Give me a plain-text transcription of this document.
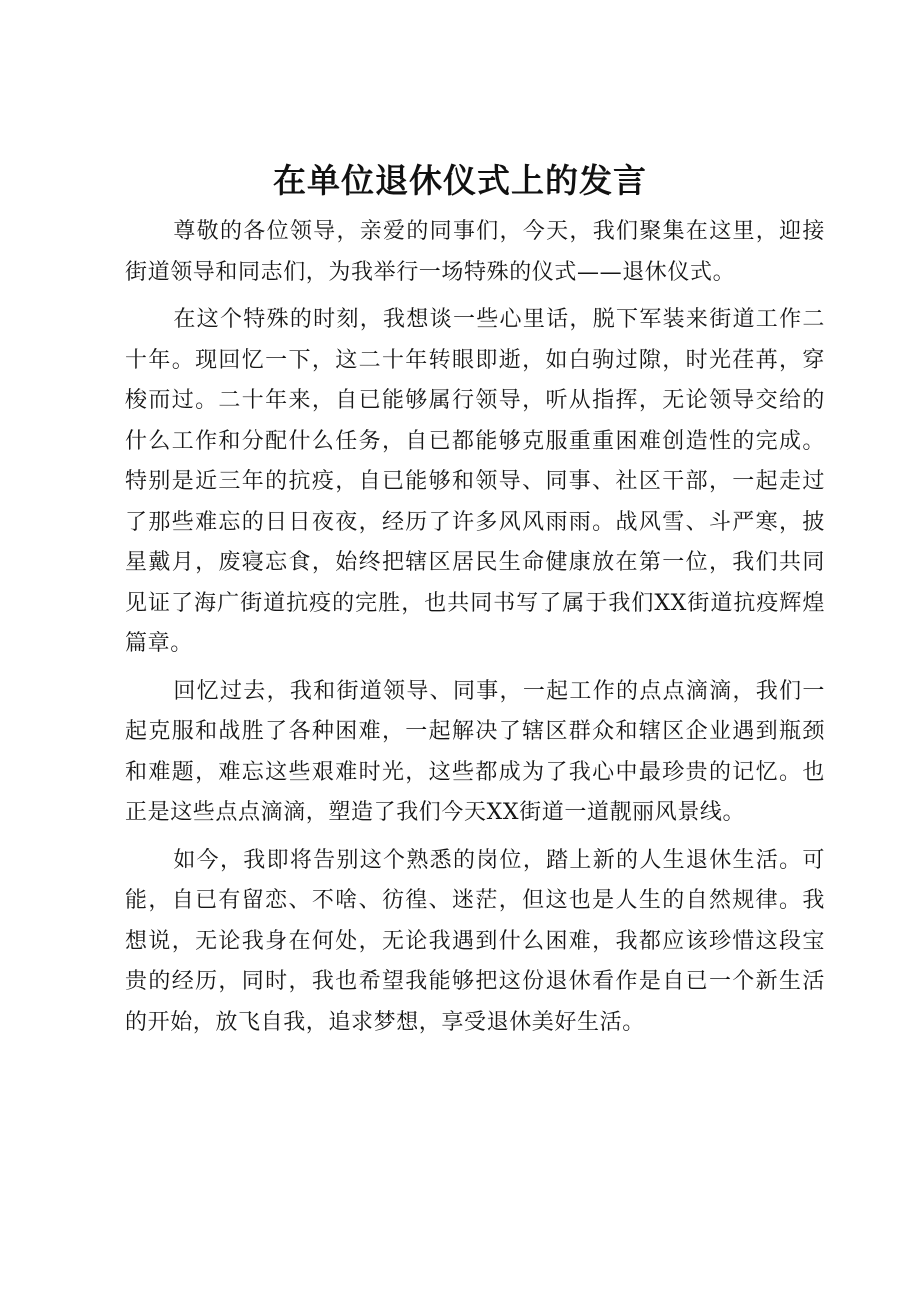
在单位退休仪式上的发言

尊敬的各位领导，亲爱的同事们，今天，我们聚集在这里，迎接街道领导和同志们，为我举行一场特殊的仪式——退休仪式。

在这个特殊的时刻，我想谈一些心里话，脱下军装来街道工作二十年。现回忆一下，这二十年转眼即逝，如白驹过隙，时光荏苒，穿梭而过。二十年来，自已能够属行领导，听从指挥，无论领导交给的什么工作和分配什么任务，自已都能够克服重重困难创造性的完成。特别是近三年的抗疫，自已能够和领导、同事、社区干部，一起走过了那些难忘的日日夜夜，经历了许多风风雨雨。战风雪、斗严寒，披星戴月，废寝忘食，始终把辖区居民生命健康放在第一位，我们共同见证了海广街道抗疫的完胜，也共同书写了属于我们XX街道抗疫辉煌篇章。

回忆过去，我和街道领导、同事，一起工作的点点滴滴，我们一起克服和战胜了各种困难，一起解决了辖区群众和辖区企业遇到瓶颈和难题，难忘这些艰难时光，这些都成为了我心中最珍贵的记忆。也正是这些点点滴滴，塑造了我们今天XX街道一道靓丽风景线。

如今，我即将告别这个熟悉的岗位，踏上新的人生退休生活。可能，自已有留恋、不啥、彷徨、迷茫，但这也是人生的自然规律。我想说，无论我身在何处，无论我遇到什么困难，我都应该珍惜这段宝贵的经历，同时，我也希望我能够把这份退休看作是自已一个新生活的开始，放飞自我，追求梦想，享受退休美好生活。
